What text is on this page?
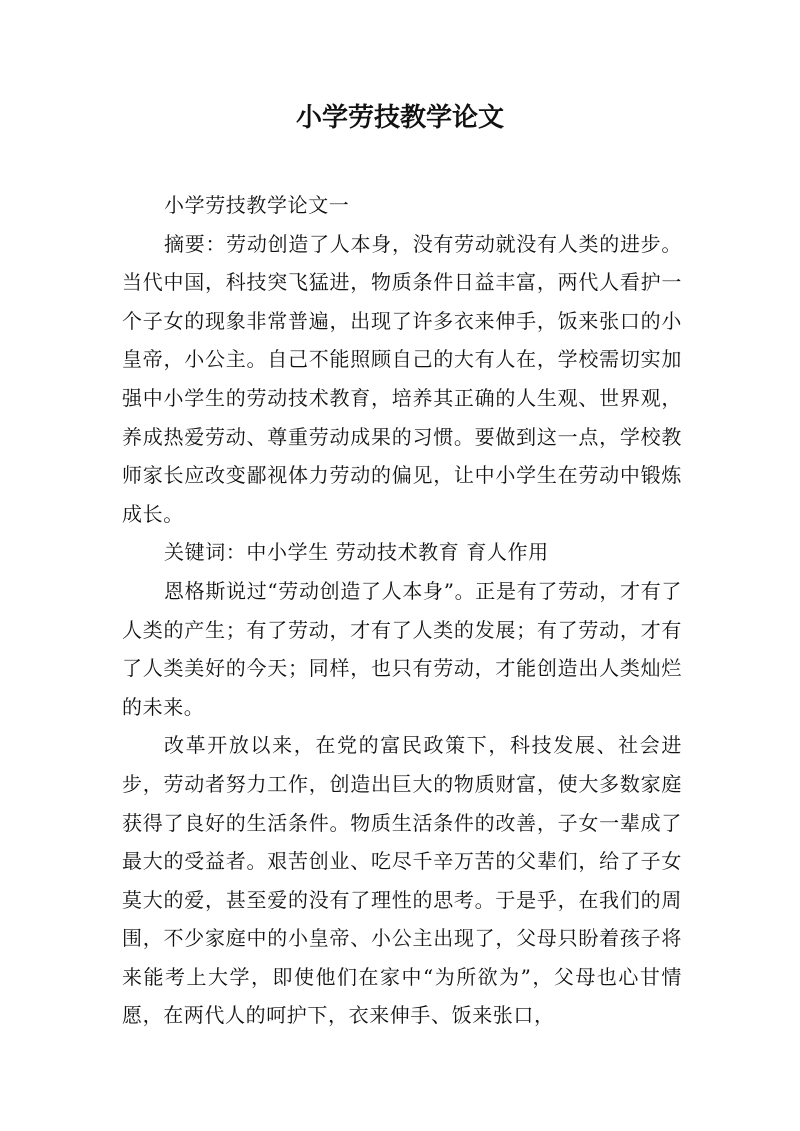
小学劳技教学论文

小学劳技教学论文一

摘要：劳动创造了人本身，没有劳动就没有人类的进步。当代中国，科技突飞猛进，物质条件日益丰富，两代人看护一个子女的现象非常普遍，出现了许多衣来伸手，饭来张口的小皇帝，小公主。自己不能照顾自己的大有人在，学校需切实加强中小学生的劳动技术教育，培养其正确的人生观、世界观，养成热爱劳动、尊重劳动成果的习惯。要做到这一点，学校教师家长应改变鄙视体力劳动的偏见，让中小学生在劳动中锻炼成长。

关键词：中小学生 劳动技术教育 育人作用

恩格斯说过“劳动创造了人本身”。正是有了劳动，才有了人类的产生；有了劳动，才有了人类的发展；有了劳动，才有了人类美好的今天；同样，也只有劳动，才能创造出人类灿烂的未来。

改革开放以来，在党的富民政策下，科技发展、社会进步，劳动者努力工作，创造出巨大的物质财富，使大多数家庭获得了良好的生活条件。物质生活条件的改善，子女一辈成了最大的受益者。艰苦创业、吃尽千辛万苦的父辈们，给了子女莫大的爱，甚至爱的没有了理性的思考。于是乎，在我们的周围，不少家庭中的小皇帝、小公主出现了，父母只盼着孩子将来能考上大学，即使他们在家中“为所欲为”，父母也心甘情愿，在两代人的呵护下，衣来伸手、饭来张口，
